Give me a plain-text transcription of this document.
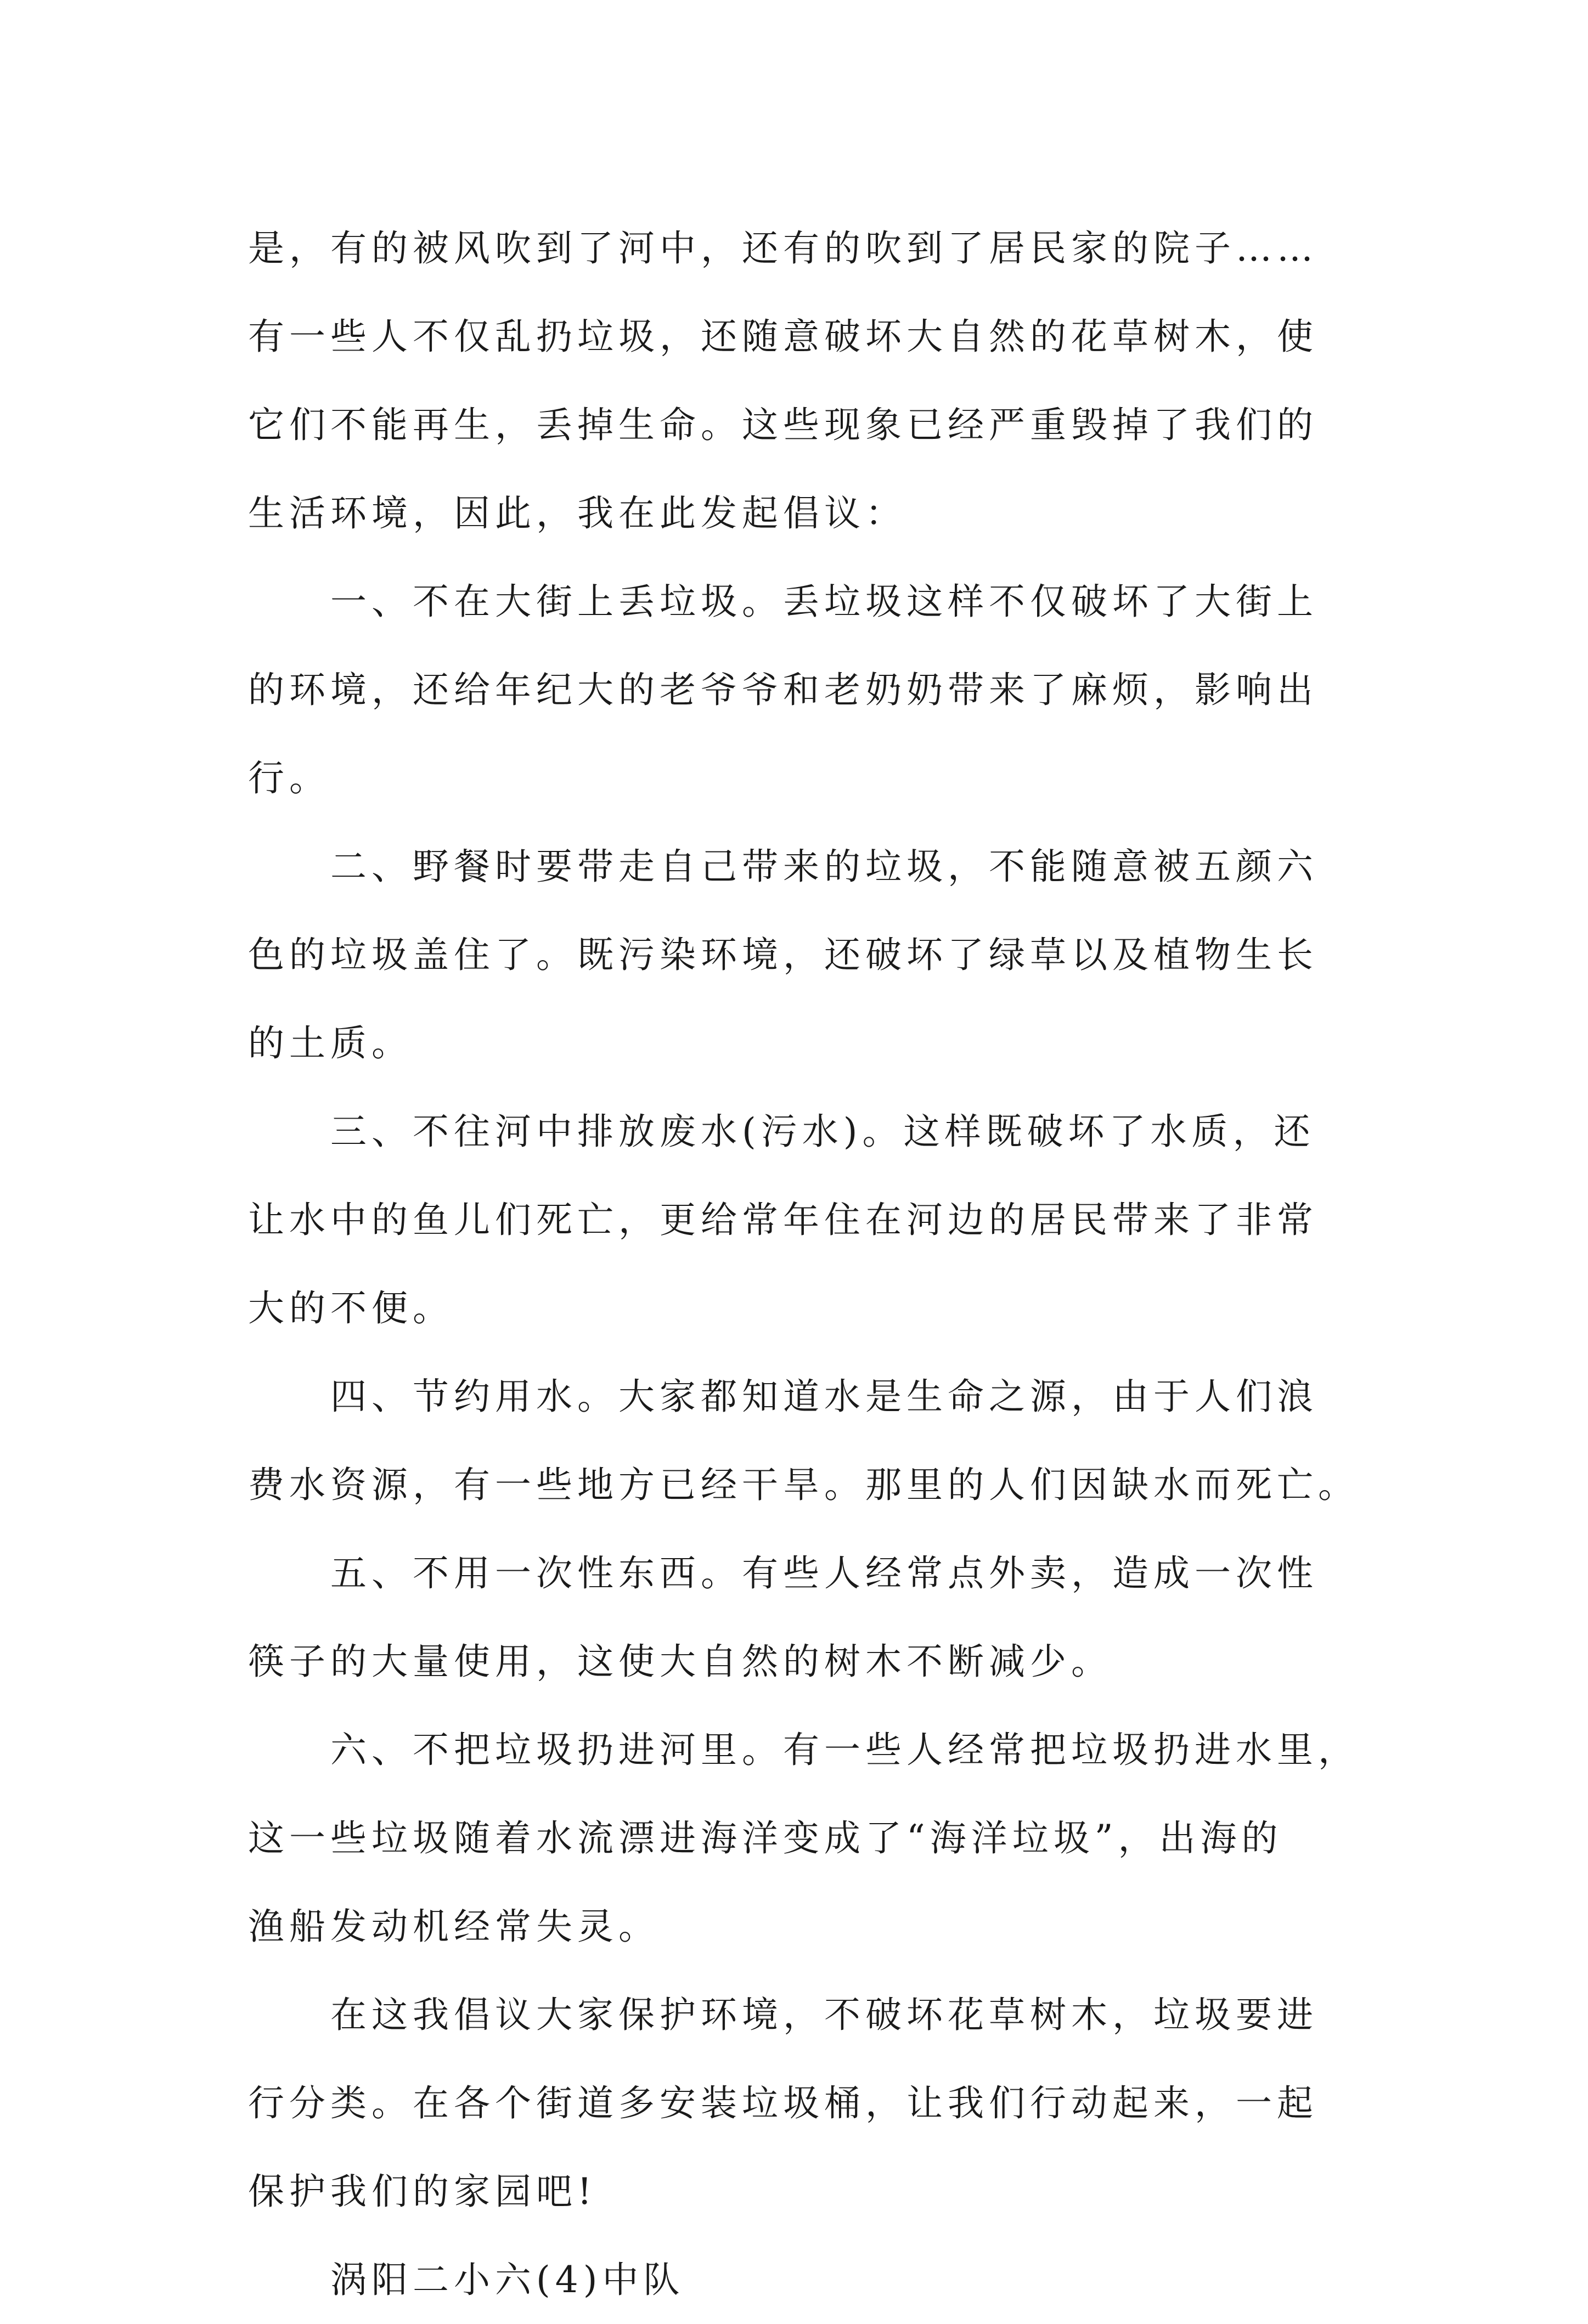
是，有的被风吹到了河中，还有的吹到了居民家的院子……
有一些人不仅乱扔垃圾，还随意破坏大自然的花草树木，使
它们不能再生，丢掉生命。这些现象已经严重毁掉了我们的
生活环境，因此，我在此发起倡议：
一、不在大街上丢垃圾。丢垃圾这样不仅破坏了大街上
的环境，还给年纪大的老爷爷和老奶奶带来了麻烦，影响出
行。
二、野餐时要带走自己带来的垃圾，不能随意被五颜六
色的垃圾盖住了。既污染环境，还破坏了绿草以及植物生长
的土质。
三、不往河中排放废水(污水)。这样既破坏了水质，还
让水中的鱼儿们死亡，更给常年住在河边的居民带来了非常
大的不便。
四、节约用水。大家都知道水是生命之源，由于人们浪
费水资源，有一些地方已经干旱。那里的人们因缺水而死亡。
五、不用一次性东西。有些人经常点外卖，造成一次性
筷子的大量使用，这使大自然的树木不断减少。
六、不把垃圾扔进河里。有一些人经常把垃圾扔进水里，
这一些垃圾随着水流漂进海洋变成了“海洋垃圾”，出海的
渔船发动机经常失灵。
在这我倡议大家保护环境，不破坏花草树木，垃圾要进
行分类。在各个街道多安装垃圾桶，让我们行动起来，一起
保护我们的家园吧!
涡阳二小六(4)中队
